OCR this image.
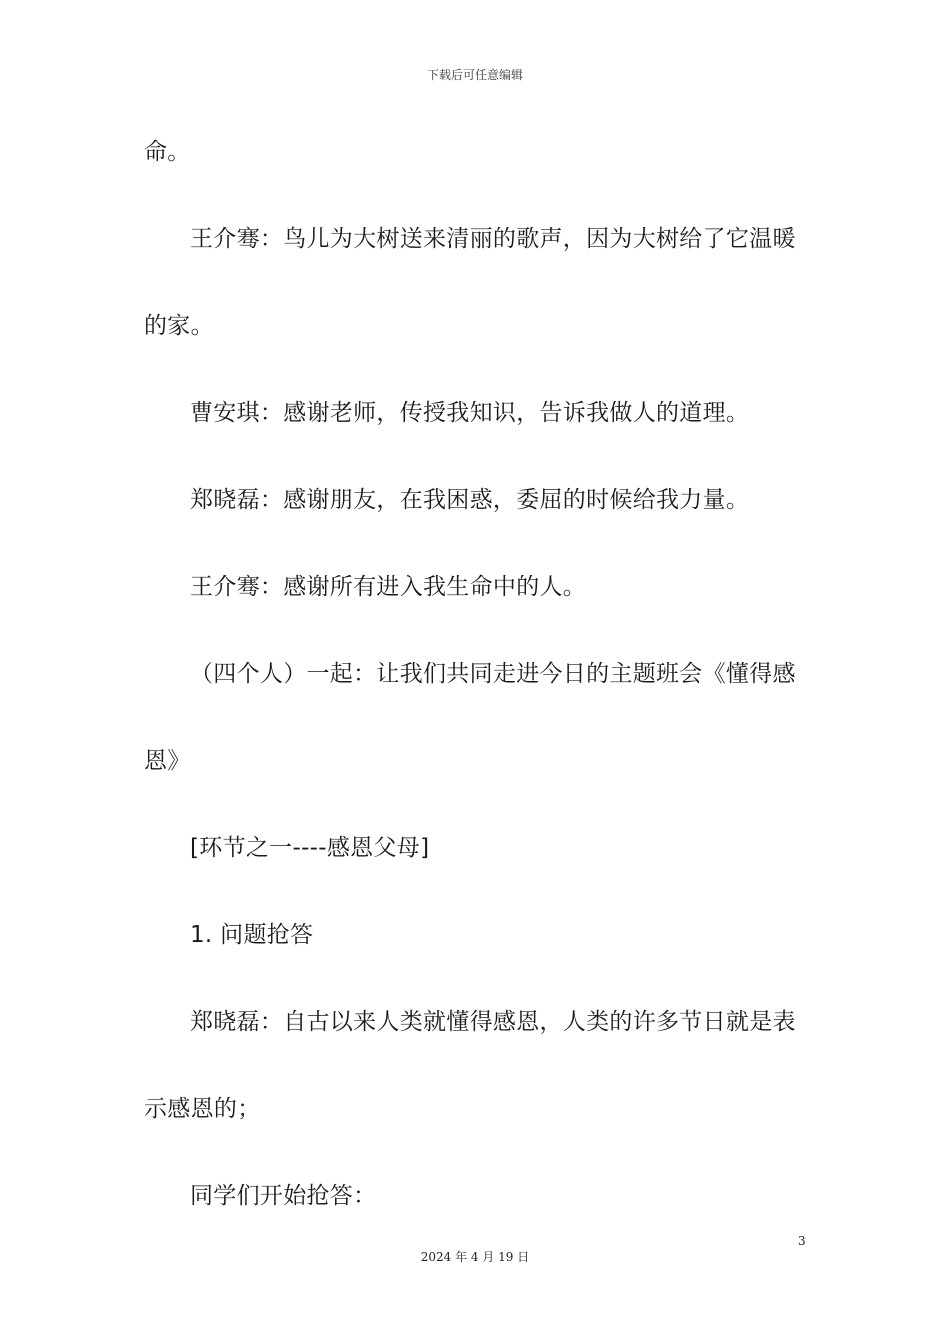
下载后可任意编辑
命。
王介骞：鸟儿为大树送来清丽的歌声，因为大树给了它温暖
的家。
曹安琪：感谢老师，传授我知识，告诉我做人的道理。
郑晓磊：感谢朋友，在我困惑，委屈的时候给我力量。
王介骞：感谢所有进入我生命中的人。
（四个人）一起：让我们共同走进今日的主题班会《懂得感
恩》
[环节之一----感恩父母]
1. 问题抢答
郑晓磊：自古以来人类就懂得感恩，人类的许多节日就是表
示感恩的；
同学们开始抢答：
3
2024 年 4 月 19 日
